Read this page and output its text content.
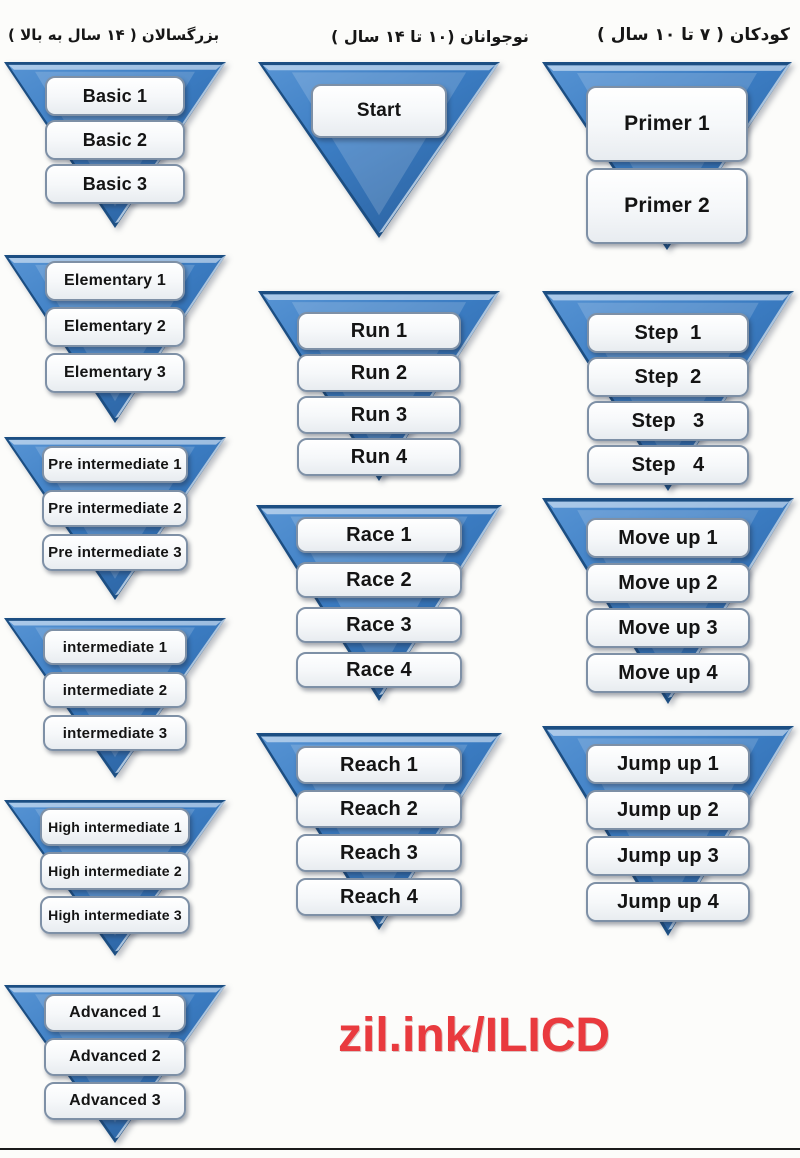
بزرگسالان ( ۱۴ سال به بالا )	نوجوانان (۱۰ تا ۱۴ سال )	کودکان ( ۷ تا ۱۰ سال )
zil.ink/ILICD
Basic 1
Basic 2
Basic 3
Elementary 1
Elementary 2
Elementary 3
Pre intermediate 1
Pre intermediate 2
Pre intermediate 3
intermediate 1
intermediate 2
intermediate 3
High intermediate 1
High intermediate 2
High intermediate 3
Advanced 1
Advanced 2
Advanced 3
Start
Run 1
Run 2
Run 3
Run 4
Race 1
Race 2
Race 3
Race 4
Reach 1
Reach 2
Reach 3
Reach 4
Primer 1
Primer 2
Step  1
Step  2
Step   3
Step   4
Move up 1
Move up 2
Move up 3
Move up 4
Jump up 1
Jump up 2
Jump up 3
Jump up 4
